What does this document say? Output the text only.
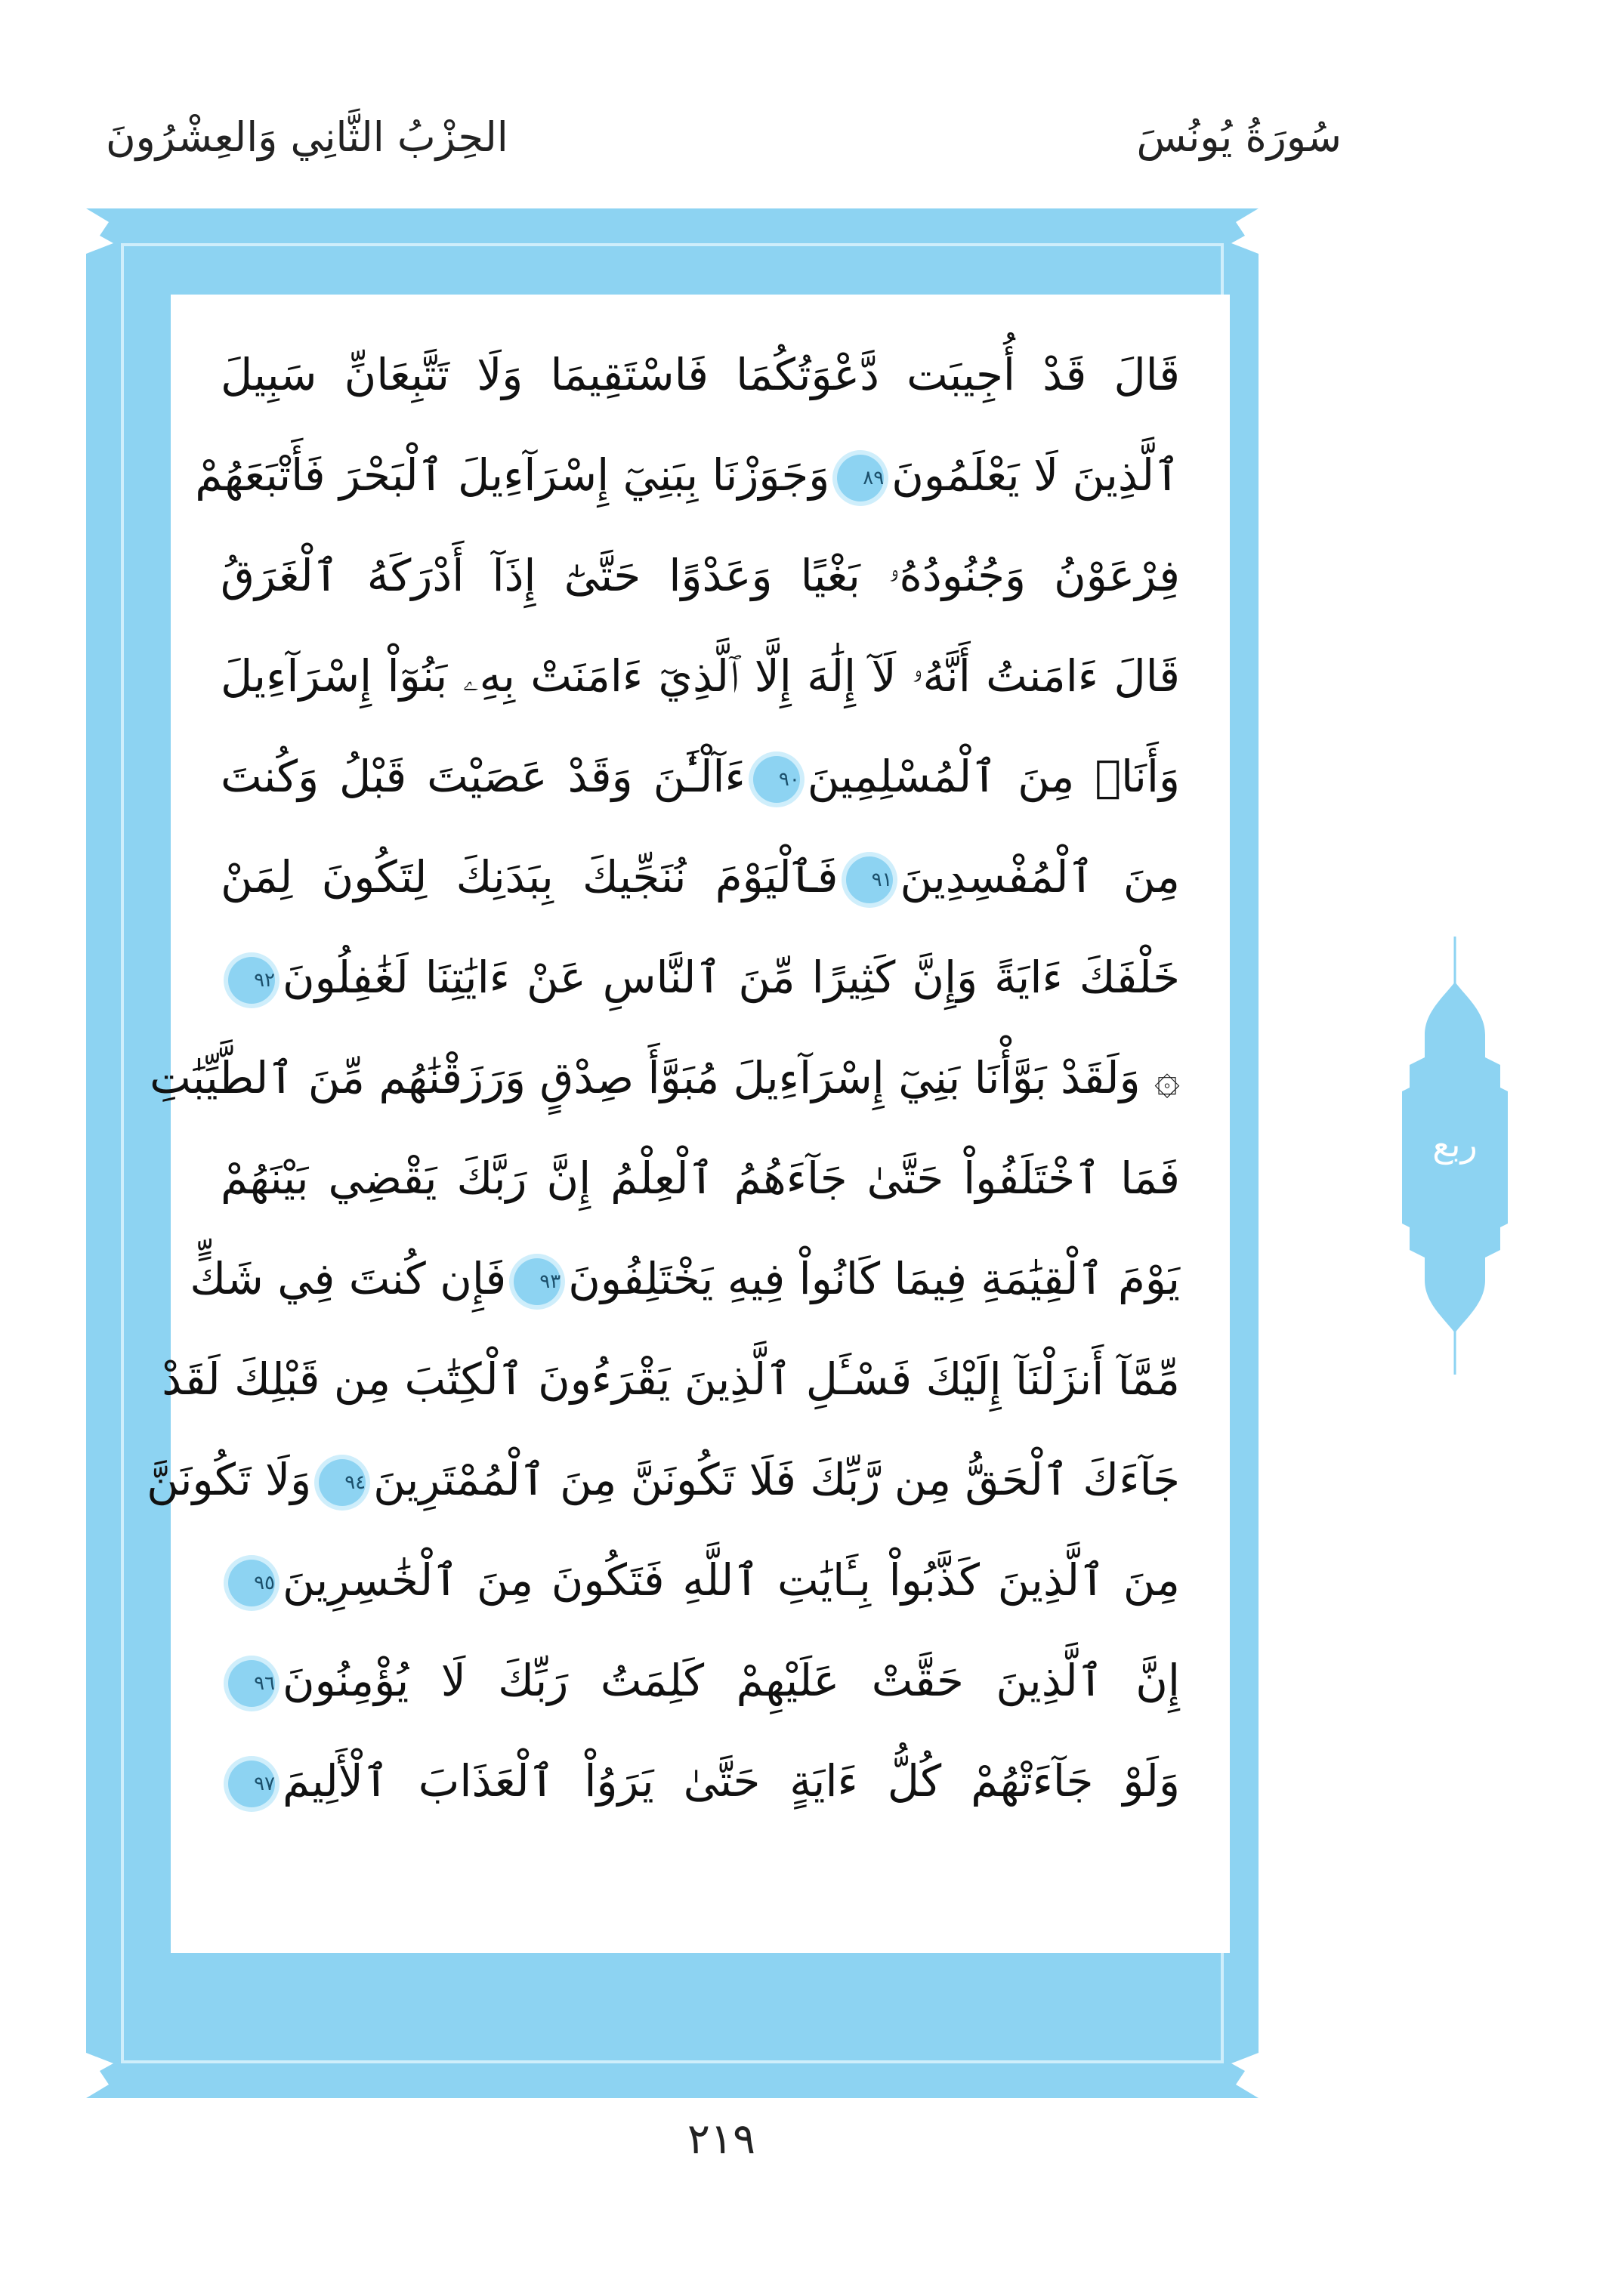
سُورَةُ يُونُسَ
الحِزْبُ الثَّانِي وَالعِشْرُونَ
قَالَ قَدْ أُجِيبَت دَّعْوَتُكُمَا فَاسْتَقِيمَا وَلَا تَتَّبِعَانِّ سَبِيلَ
ٱلَّذِينَ لَا يَعْلَمُونَ٨٩وَجَوَزْنَا بِبَنِيٓ إِسْرَآءِيلَ ٱلْبَحْرَ فَأَتْبَعَهُمْ
فِرْعَوْنُ وَجُنُودُهُۥ بَغْيًا وَعَدْوًا حَتَّىٰٓ إِذَآ أَدْرَكَهُ ٱلْغَرَقُ
قَالَ ءَامَنتُ أَنَّهُۥ لَآ إِلَٰهَ إِلَّا ٱلَّذِيٓ ءَامَنَتْ بِهِۦ بَنُوٓاْ إِسْرَآءِيلَ
وَأَنَا۠ مِنَ ٱلْمُسْلِمِينَ٩٠ءَآلْـَٰٔنَ وَقَدْ عَصَيْتَ قَبْلُ وَكُنتَ
مِنَ ٱلْمُفْسِدِينَ٩١فَٱلْيَوْمَ نُنَجِّيكَ بِبَدَنِكَ لِتَكُونَ لِمَنْ
خَلْفَكَ ءَايَةً وَإِنَّ كَثِيرًا مِّنَ ٱلنَّاسِ عَنْ ءَايَٰتِنَا لَغَٰفِلُونَ٩٢
۞ وَلَقَدْ بَوَّأْنَا بَنِيٓ إِسْرَآءِيلَ مُبَوَّأَ صِدْقٍ وَرَزَقْنَٰهُم مِّنَ ٱلطَّيِّبَٰتِ
فَمَا ٱخْتَلَفُواْ حَتَّىٰ جَآءَهُمُ ٱلْعِلْمُ إِنَّ رَبَّكَ يَقْضِي بَيْنَهُمْ
يَوْمَ ٱلْقِيَٰمَةِ فِيمَا كَانُواْ فِيهِ يَخْتَلِفُونَ٩٣فَإِن كُنتَ فِي شَكٍّ
مِّمَّآ أَنزَلْنَآ إِلَيْكَ فَسْـَٔلِ ٱلَّذِينَ يَقْرَءُونَ ٱلْكِتَٰبَ مِن قَبْلِكَ لَقَدْ
جَآءَكَ ٱلْحَقُّ مِن رَّبِّكَ فَلَا تَكُونَنَّ مِنَ ٱلْمُمْتَرِينَ٩٤وَلَا تَكُونَنَّ
مِنَ ٱلَّذِينَ كَذَّبُواْ بِـَٔايَٰتِ ٱللَّهِ فَتَكُونَ مِنَ ٱلْخَٰسِرِينَ٩٥
إِنَّ ٱلَّذِينَ حَقَّتْ عَلَيْهِمْ كَلِمَتُ رَبِّكَ لَا يُؤْمِنُونَ٩٦
وَلَوْ جَآءَتْهُمْ كُلُّ ءَايَةٍ حَتَّىٰ يَرَوُاْ ٱلْعَذَابَ ٱلْأَلِيمَ٩٧
ربع
٢١٩
